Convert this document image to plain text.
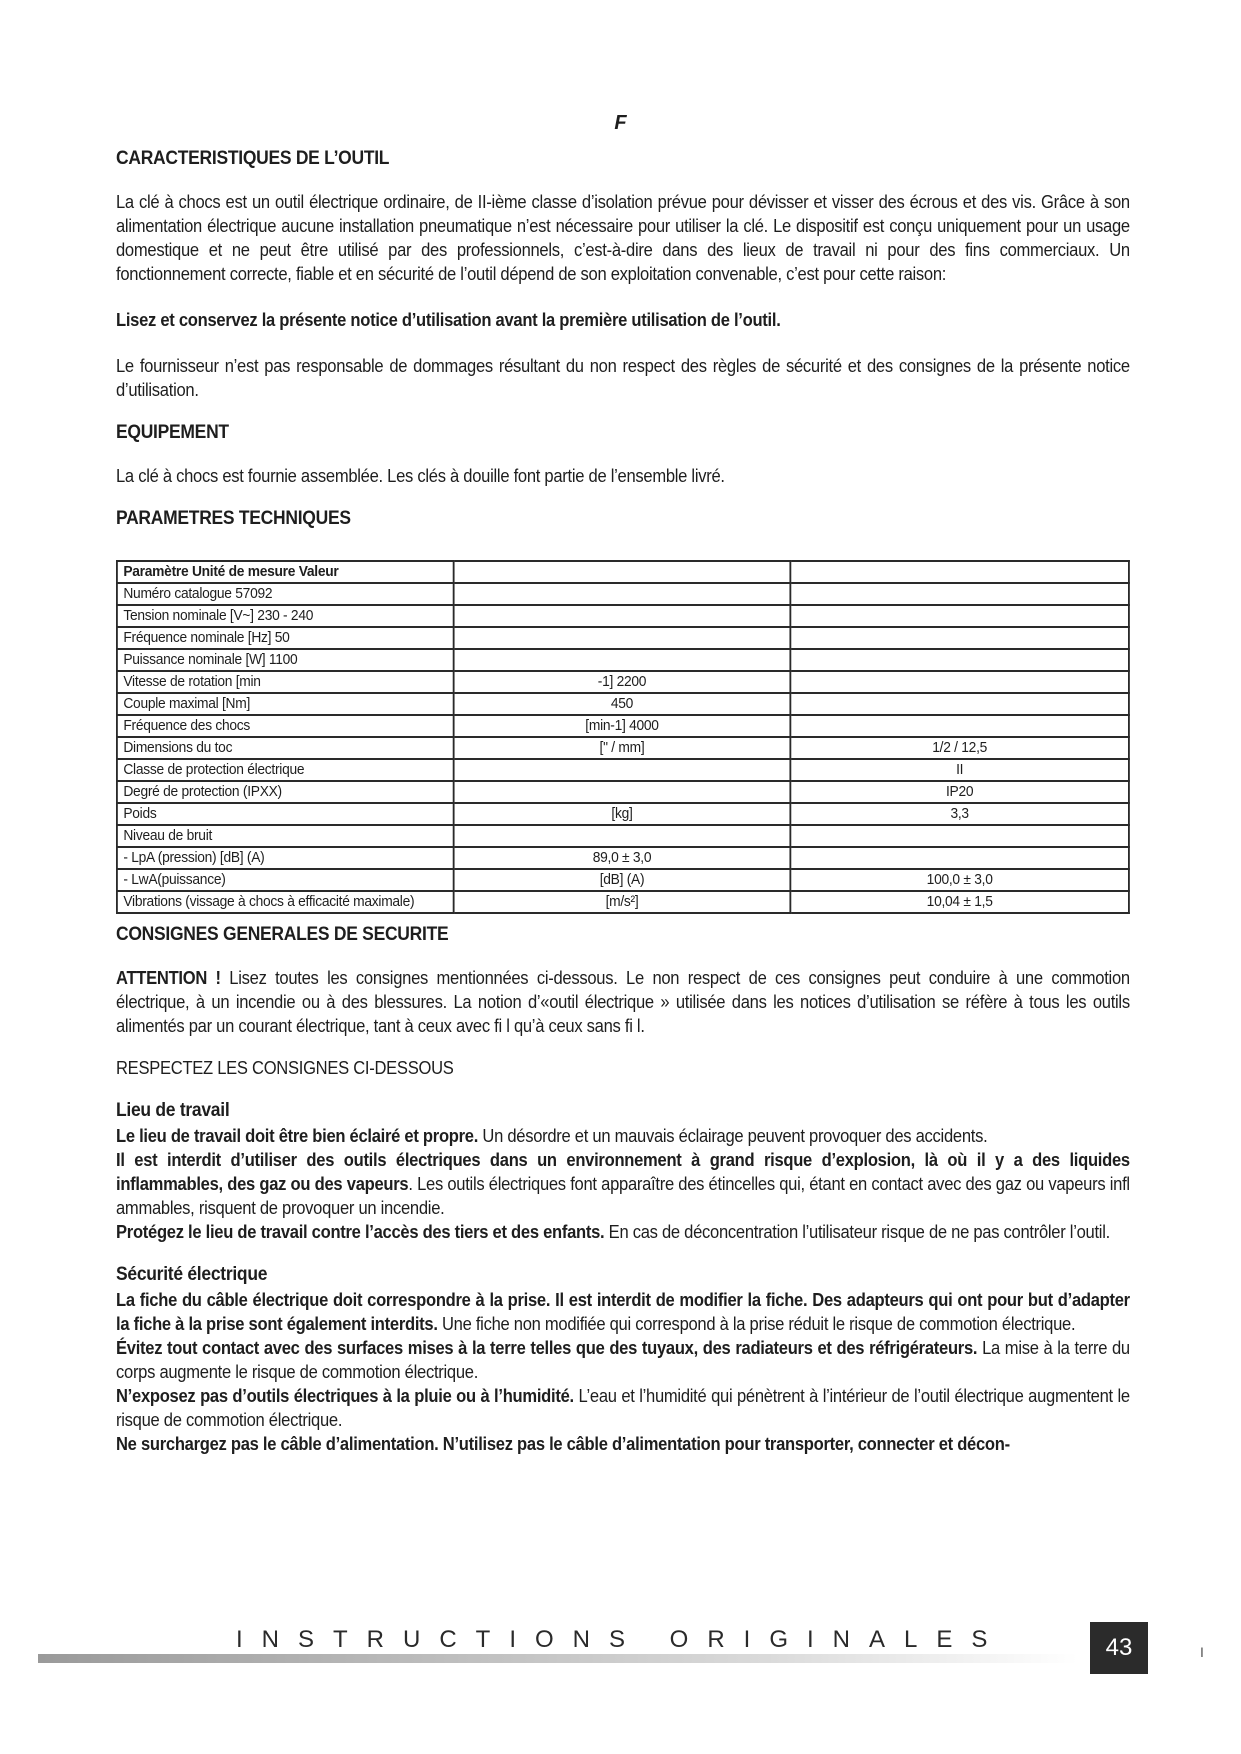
F
CARACTERISTIQUES DE L’OUTIL

La clé à chocs est un outil électrique ordinaire, de II-ième classe d’isolation prévue pour dévisser et visser des écrous et des vis. Grâce à son alimentation électrique aucune installation pneumatique n’est nécessaire pour utiliser la clé. Le dispositif est conçu uniquement pour un usage domestique et ne peut être utilisé par des professionnels, c’est-à-dire dans des lieux de travail ni pour des fins commerciaux. Un fonctionnement correcte, fiable et en sécurité de l’outil dépend de son exploitation convenable, c’est pour cette raison:

Lisez et conservez la présente notice d’utilisation avant la première utilisation de l’outil.

Le fournisseur n’est pas responsable de dommages résultant du non respect des règles de sécurité et des consignes de la présente notice d’utilisation.

EQUIPEMENT

La clé à chocs est fournie assemblée. Les clés à douille font partie de l’ensemble livré.

PARAMETRES TECHNIQUES
Paramètre Unité de mesure Valeur		
Numéro catalogue 57092		
Tension nominale [V~] 230 - 240		
Fréquence nominale [Hz] 50		
Puissance nominale [W] 1100		
Vitesse de rotation [min	-1] 2200	
Couple maximal [Nm]	450	
Fréquence des chocs	[min-1] 4000	
Dimensions du toc	[" / mm]	1/2 / 12,5
Classe de protection électrique		II
Degré de protection (IPXX)		IP20
Poids	[kg]	3,3
Niveau de bruit		
- LpA (pression) [dB] (A)	89,0 ± 3,0	
- LwA(puissance)	[dB] (A)	100,0 ± 3,0
Vibrations (vissage à chocs à efficacité maximale)	[m/s²]	10,04 ± 1,5
CONSIGNES GENERALES DE SECURITE

ATTENTION ! Lisez toutes les consignes mentionnées ci-dessous. Le non respect de ces consignes peut conduire à une commotion électrique, à un incendie ou à des blessures. La notion d’«outil électrique » utilisée dans les notices d’utilisation se réfère à tous les outils alimentés par un courant électrique, tant à ceux avec fi l qu’à ceux sans fi l.

RESPECTEZ LES CONSIGNES CI-DESSOUS

Lieu de travail

Le lieu de travail doit être bien éclairé et propre. Un désordre et un mauvais éclairage peuvent provoquer des accidents.

Il est interdit d’utiliser des outils électriques dans un environnement à grand risque d’explosion, là où il y a des liquides inflammables, des gaz ou des vapeurs. Les outils électriques font apparaître des étincelles qui, étant en contact avec des gaz ou vapeurs infl ammables, risquent de provoquer un incendie.

Protégez le lieu de travail contre l’accès des tiers et des enfants. En cas de déconcentration l’utilisateur risque de ne pas contrôler l’outil.

Sécurité électrique

La fiche du câble électrique doit correspondre à la prise. Il est interdit de modifier la fiche. Des adapteurs qui ont pour but d’adapter la fiche à la prise sont également interdits. Une fiche non modifiée qui correspond à la prise réduit le risque de commotion électrique.

Évitez tout contact avec des surfaces mises à la terre telles que des tuyaux, des radiateurs et des réfrigérateurs. La mise à la terre du corps augmente le risque de commotion électrique.

N’exposez pas d’outils électriques à la pluie ou à l’humidité. L’eau et l’humidité qui pénètrent à l’intérieur de l’outil électrique augmentent le risque de commotion électrique.

Ne surchargez pas le câble d’alimentation. N’utilisez pas le câble d’alimentation pour transporter, connecter et décon-

INSTRUCTIONS ORIGINALES	43	I
